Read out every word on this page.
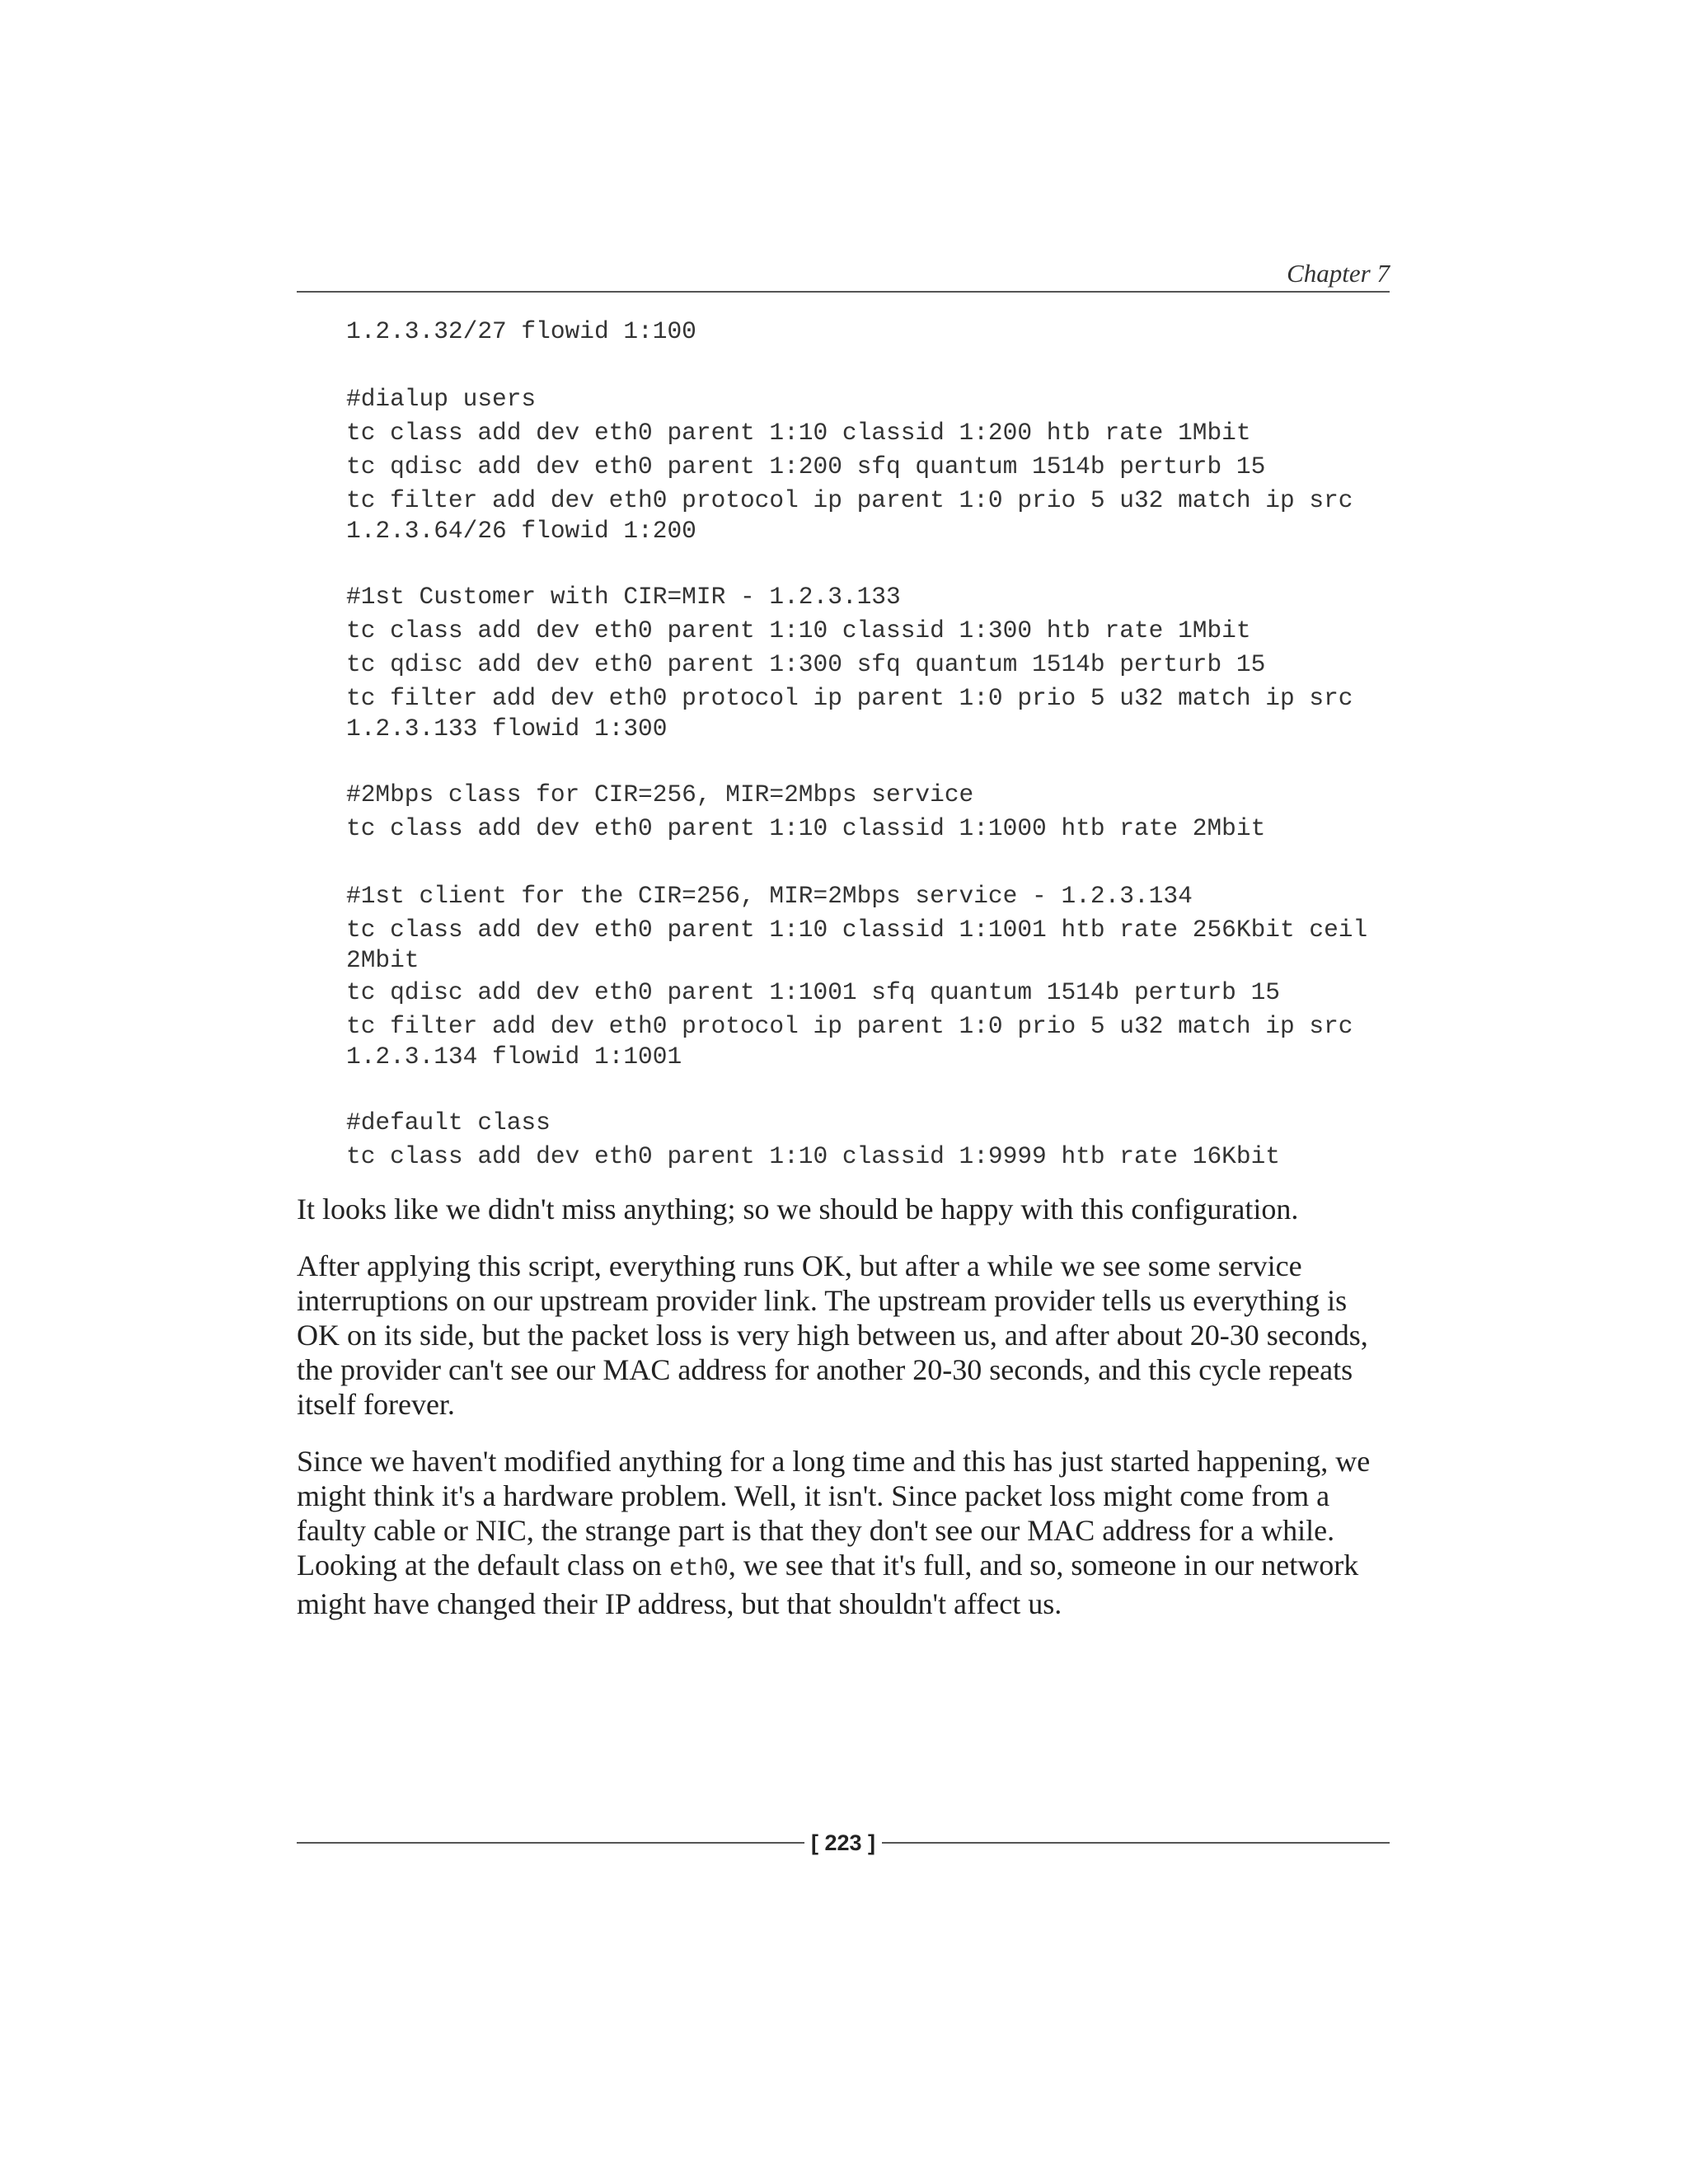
Chapter 7
1.2.3.32/27 flowid 1:100
#dialup users
tc class add dev eth0 parent 1:10 classid 1:200 htb rate 1Mbit
tc qdisc add dev eth0 parent 1:200 sfq quantum 1514b perturb 15
tc filter add dev eth0 protocol ip parent 1:0 prio 5 u32 match ip src
1.2.3.64/26 flowid 1:200
#1st Customer with CIR=MIR - 1.2.3.133
tc class add dev eth0 parent 1:10 classid 1:300 htb rate 1Mbit
tc qdisc add dev eth0 parent 1:300 sfq quantum 1514b perturb 15
tc filter add dev eth0 protocol ip parent 1:0 prio 5 u32 match ip src
1.2.3.133 flowid 1:300
#2Mbps class for CIR=256, MIR=2Mbps service
tc class add dev eth0 parent 1:10 classid 1:1000 htb rate 2Mbit
#1st client for the CIR=256, MIR=2Mbps service - 1.2.3.134
tc class add dev eth0 parent 1:10 classid 1:1001 htb rate 256Kbit ceil
2Mbit
tc qdisc add dev eth0 parent 1:1001 sfq quantum 1514b perturb 15
tc filter add dev eth0 protocol ip parent 1:0 prio 5 u32 match ip src
1.2.3.134 flowid 1:1001
#default class
tc class add dev eth0 parent 1:10 classid 1:9999 htb rate 16Kbit

It looks like we didn't miss anything; so we should be happy with this configuration.

After applying this script, everything runs OK, but after a while we see some service interruptions on our upstream provider link. The upstream provider tells us everything is OK on its side, but the packet loss is very high between us, and after about 20-30 seconds, the provider can't see our MAC address for another 20-30 seconds, and this cycle repeats itself forever.

Since we haven't modified anything for a long time and this has just started happening, we might think it's a hardware problem. Well, it isn't. Since packet loss might come from a faulty cable or NIC, the strange part is that they don't see our MAC address for a while. Looking at the default class on eth0, we see that it's full, and so, someone in our network might have changed their IP address, but that shouldn't affect us.

[ 223 ]
